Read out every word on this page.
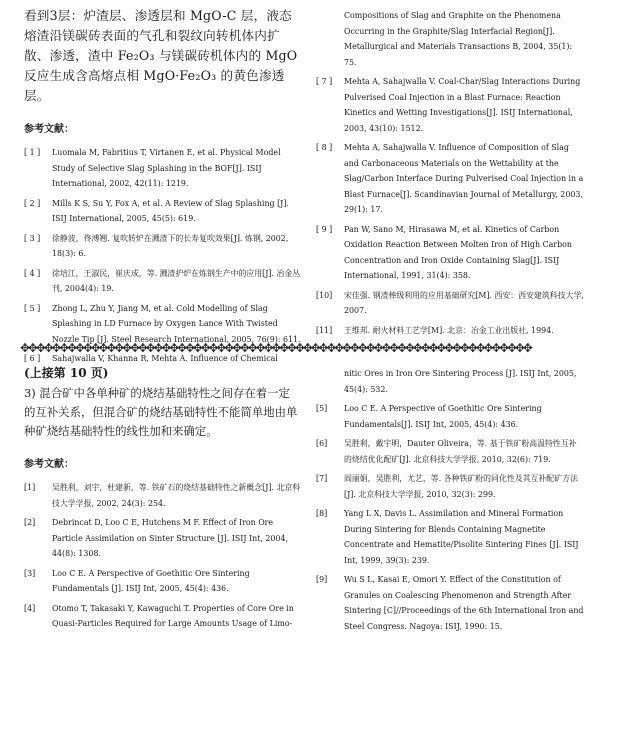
看到3层：炉渣层、渗透层和 MgO-C 层，液态熔渣沿镁碳砖表面的气孔和裂纹向转机体内扩散、渗透，渣中 Fe₂O₃ 与镁碳砖机体内的 MgO 反应生成含高熔点相 MgO·Fe₂O₃ 的黄色渗透层。

参考文献：

[ 1 ] Luomala M, Fabritius T, Virtanen E, et al. Physical Model Study of Selective Slag Splashing in the BOF[J]. ISIJ International, 2002, 42(11): 1219.
[ 2 ] Mills K S, Su Y, Fox A, et al. A Review of Slag Splashing [J]. ISIJ International, 2005, 45(5): 619.
[ 3 ] 徐静波，佟溥翘. 复吹转炉在溅渣下的长寿复吹效果[J]. 炼钢, 2002, 18(3): 6.
[ 4 ] 徐培江，王淑民，崔庆成，等. 溅渣护炉在炼钢生产中的应用[J]. 冶金丛刊, 2004(4): 19.
[ 5 ] Zhong L, Zhu Y, Jiang M, et al. Cold Modelling of Slag Splashing in LD Furnace by Oxygen Lance With Twisted Nozzle Tip [J]. Steel Research International, 2005, 76(9): 611.
[ 6 ] Sahajwalla V, Khanna R, Mehta A. Influence of Chemical
Compositions of Slag and Graphite on the Phenomena Occurring in the Graphite/Slag Interfacial Region[J]. Metallurgical and Materials Transactions B, 2004, 35(1): 75.
[ 7 ] Mehta A, Sahajwalla V. Coal-Char/Slag Interactions During Pulverised Coal Injection in a Blast Furnace: Reaction Kinetics and Wetting Investigations[J]. ISIJ International, 2003, 43(10): 1512.
[ 8 ] Mehta A, Sahajwalla V. Influence of Composition of Slag and Carbonaceous Materials on the Wettability at the Slag/Carbon Interface During Pulverised Coal Injection in a Blast Furnace[J]. Scandinavian Journal of Metallurgy, 2003, 29(1): 17.
[ 9 ] Pan W, Sano M, Hirasawa M, et al. Kinetics of Carbon Oxidation Reaction Between Molten Iron of High Carbon Concentration and Iron Oxide Containing Slag[J]. ISIJ International, 1991, 31(4): 358.
[10] 宋佳强. 钢渣棒级利用的应用基础研究[M]. 西安：西安建筑科技大学, 2007.
[11] 王维邦. 耐火材料工艺学[M]. 北京：冶金工业出版社, 1994.
✥✥✥✥✥✥✥✥✥✥✥✥✥✥✥✥✥✥✥✥✥✥✥✥✥✥✥✥✥✥✥✥✥✥✥✥✥✥✥✥✥✥✥✥✥✥✥✥✥✥✥✥✥✥✥✥✥✥✥✥✥✥✥✥✥

(上接第 10 页)

3) 混合矿中各单种矿的烧结基础特性之间存在着一定的互补关系，但混合矿的烧结基础特性不能简单地由单种矿烧结基础特性的线性加和来确定。

参考文献：

[1] 吴胜利，刘宇，杜建新，等. 铁矿石的烧结基础特性之新概念[J]. 北京科技大学学报, 2002, 24(3): 254.
[2] Debrincat D, Loo C E, Hutchens M F. Effect of Iron Ore Particle Assimilation on Sinter Structure [J]. ISIJ Int, 2004, 44(8): 1308.
[3] Loo C E. A Perspective of Goethitic Ore Sintering Fundamentals [J]. ISIJ Int, 2005, 45(4): 436.
[4] Otomo T, Takasaki Y, Kawaguchi T. Properties of Core Ore in Quasi-Particles Required for Large Amounts Usage of Limo-
nitic Ores in Iron Ore Sintering Process [J]. ISIJ Int, 2005, 45(4): 532.
[5] Loo C E. A Perspective of Goethitic Ore Sintering Fundamentals[J]. ISIJ Int, 2005, 45(4): 436.
[6] 吴胜利，戴宇明，Dauter Oliveira，等. 基于铁矿粉高温特性互补的烧结优化配矿[J]. 北京科技大学学报, 2010, 32(6): 719.
[7] 阎丽娟，吴胜利，尤艺，等. 各种铁矿粉的同化性及其互补配矿方法[J]. 北京科技大学学报, 2010, 32(3): 299.
[8] Yang L X, Davis L. Assimilation and Mineral Formation During Sintering for Blends Containing Magnetite Concentrate and Hematite/Pisolite Sintering Fines [J]. ISIJ Int, 1999, 39(3): 239.
[9] Wu S L, Kasai E, Omori Y. Effect of the Constitution of Granules on Coalescing Phenomenon and Strength After Sintering [C]//Proceedings of the 6th International Iron and Steel Congress. Nagoya: ISIJ, 1990: 15.
